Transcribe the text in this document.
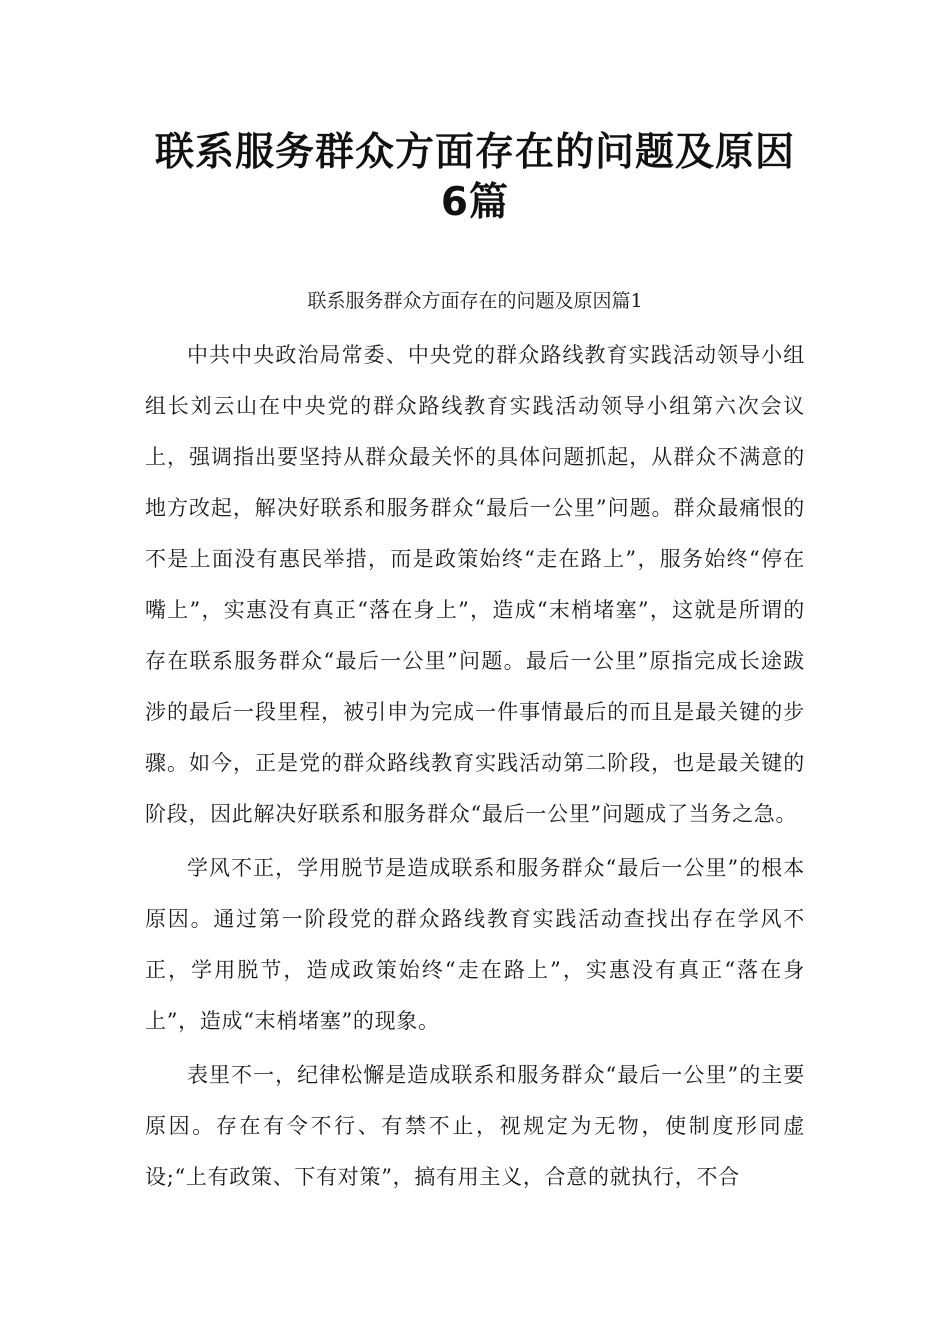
联系服务群众方面存在的问题及原因6篇
联系服务群众方面存在的问题及原因篇1

中共中央政治局常委、中央党的群众路线教育实践活动领导小组组长刘云山在中央党的群众路线教育实践活动领导小组第六次会议上，强调指出要坚持从群众最关怀的具体问题抓起，从群众不满意的地方改起，解决好联系和服务群众“最后一公里”问题。群众最痛恨的不是上面没有惠民举措，而是政策始终“走在路上”，服务始终“停在嘴上”，实惠没有真正“落在身上”，造成“末梢堵塞”，这就是所谓的存在联系服务群众“最后一公里”问题。最后一公里”原指完成长途跋涉的最后一段里程，被引申为完成一件事情最后的而且是最关键的步骤。如今，正是党的群众路线教育实践活动第二阶段，也是最关键的阶段，因此解决好联系和服务群众“最后一公里”问题成了当务之急。

学风不正，学用脱节是造成联系和服务群众“最后一公里”的根本原因。通过第一阶段党的群众路线教育实践活动查找出存在学风不正，学用脱节，造成政策始终“走在路上”，实惠没有真正“落在身上”，造成“末梢堵塞”的现象。

表里不一，纪律松懈是造成联系和服务群众“最后一公里”的主要原因。存在有令不行、有禁不止，视规定为无物，使制度形同虚设;“上有政策、下有对策”，搞有用主义，合意的就执行，不合
